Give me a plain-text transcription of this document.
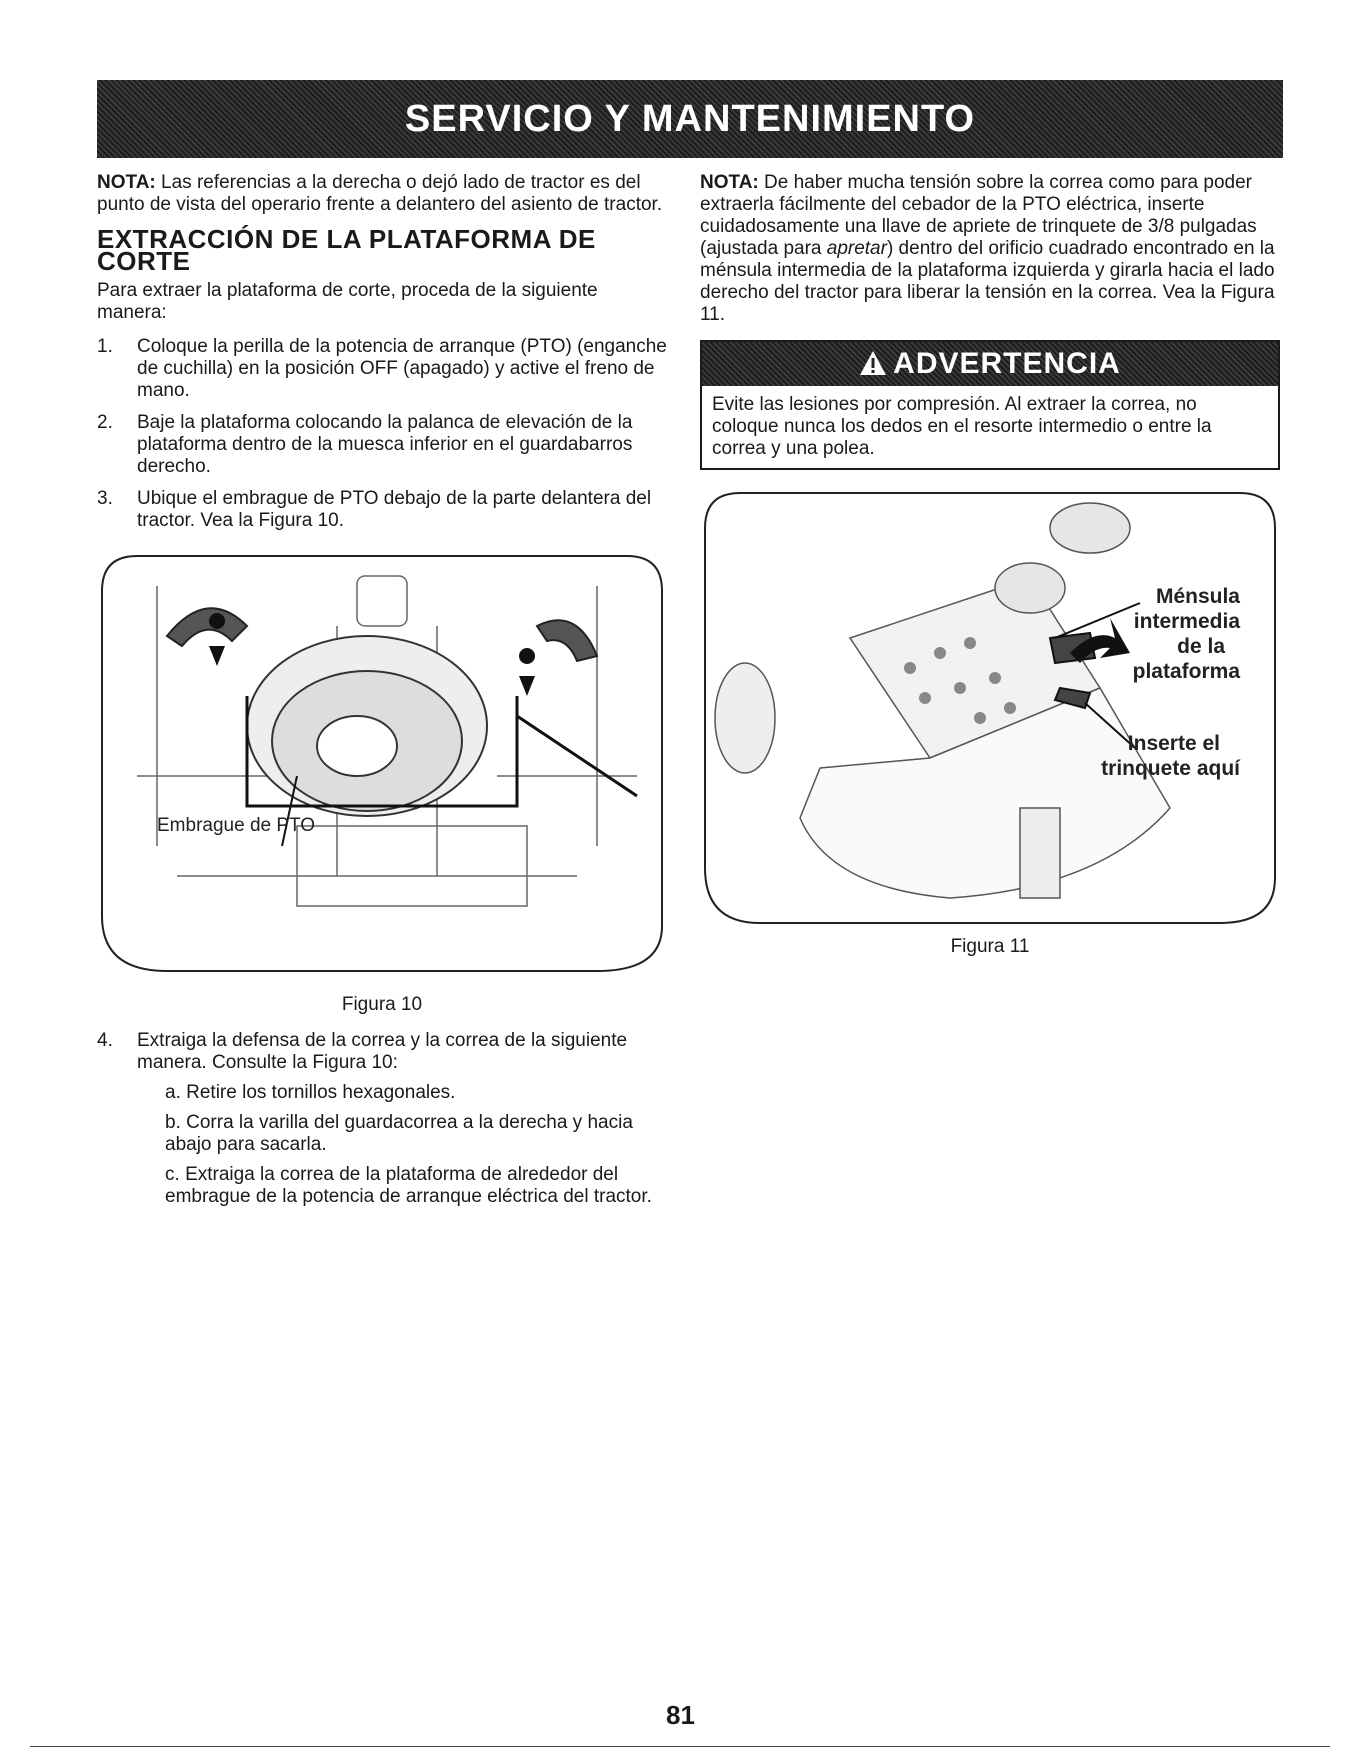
SERVICIO Y MANTENIMIENTO

NOTA: Las referencias a la derecha o dejó lado de tractor es del punto de vista del operario frente a delantero del asiento de tractor.

EXTRACCIÓN DE LA PLATAFORMA DE CORTE

Para extraer la plataforma de corte, proceda de la siguiente manera:

1. Coloque la perilla de la potencia de arranque (PTO) (enganche de cuchilla) en la posición OFF (apagado) y active el freno de mano.
2. Baje la plataforma colocando la palanca de elevación de la plataforma dentro de la muesca inferior en el guardabarros derecho.
3. Ubique el embrague de PTO debajo de la parte delantera del tractor. Vea la Figura 10.
Embrague de PTO
Figura 10
4. Extraiga la defensa de la correa y la correa de la siguiente manera. Consulte la Figura 10:
a. Retire los tornillos hexagonales.
b. Corra la varilla del guardacorrea a la derecha y hacia abajo para sacarla.
c. Extraiga la correa de la plataforma de alrededor del embrague de la potencia de arranque eléctrica del tractor.

NOTA: De haber mucha tensión sobre la correa como para poder extraerla fácilmente del cebador de la PTO eléctrica, inserte cuidadosamente una llave de apriete de trinquete de 3/8 pulgadas (ajustada para apretar) dentro del orificio cuadrado encontrado en la ménsula intermedia de la plataforma izquierda y girarla hacia el lado derecho del tractor para liberar la tensión en la correa. Vea la Figura 11.

ADVERTENCIA
Evite las lesiones por compresión. Al extraer la correa, no coloque nunca los dedos en el resorte intermedio o entre la correa y una polea.
Ménsula
intermedia
de la
plataforma
Inserte el
trinquete aquí
Figura 11
81
